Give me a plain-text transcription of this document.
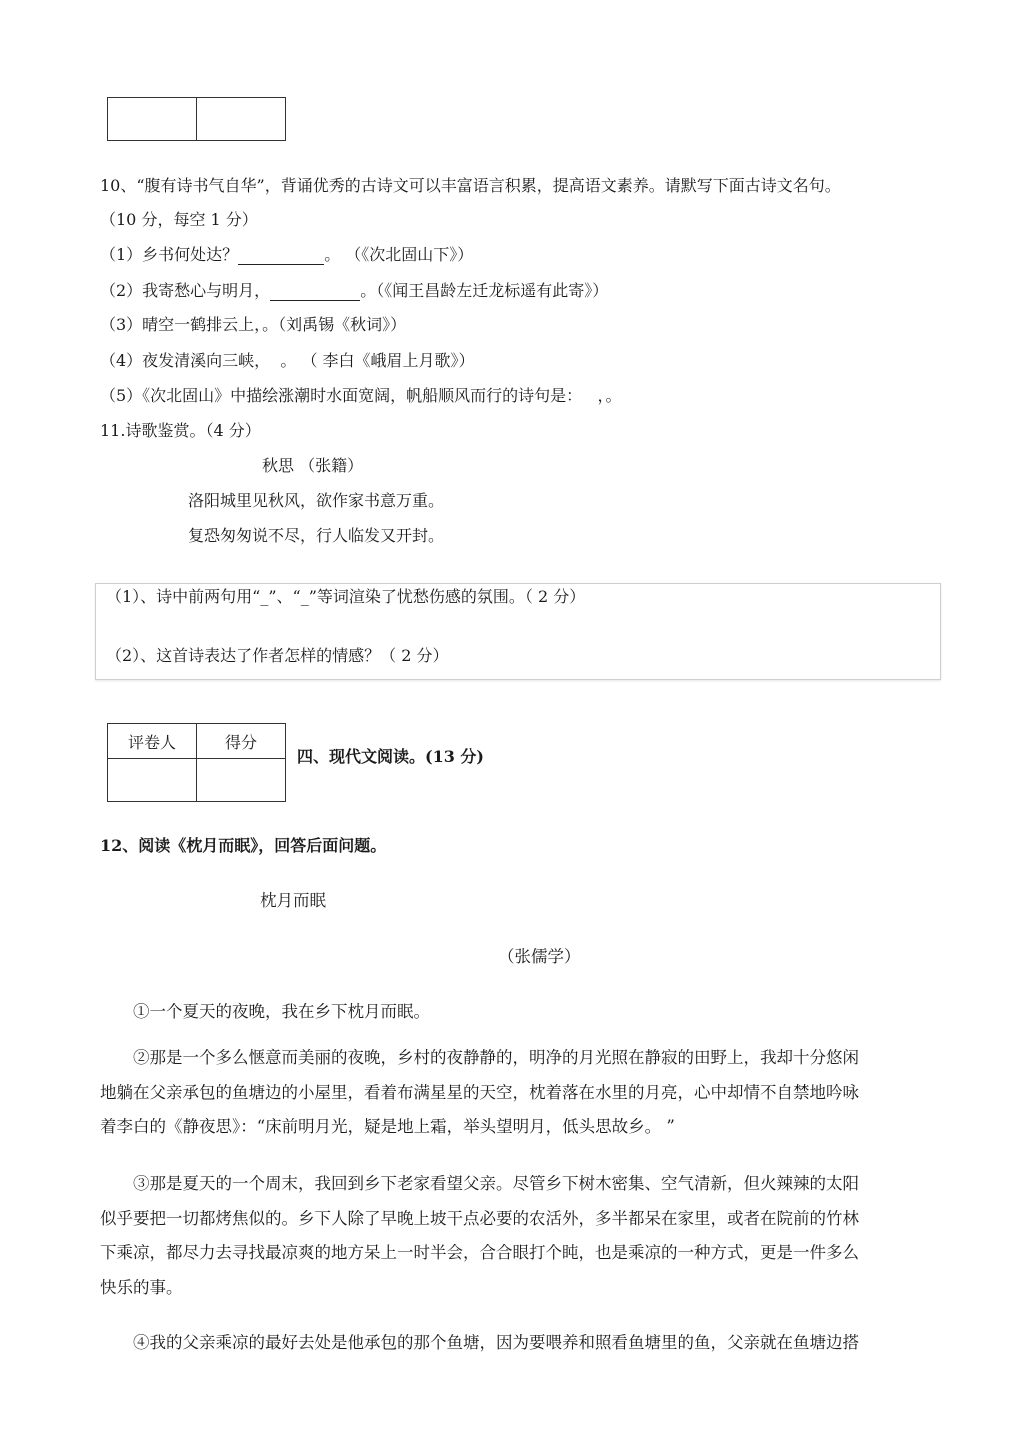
10、“腹有诗书气自华”，背诵优秀的古诗文可以丰富语言积累，提高语文素养。请默写下面古诗文名句。
（10 分，每空 1 分）
（1）乡书何处达？	。 （《次北固山下》）
（2）我寄愁心与明月，	。（《闻王昌龄左迁龙标遥有此寄》）
（3）晴空一鹤排云上，。（刘禹锡《秋词》）
（4）夜发清溪向三峡，  。 （ 李白《峨眉上月歌》）
（5）《次北固山》中描绘涨潮时水面宽阔，帆船顺风而行的诗句是：   ，。
11.诗歌鉴赏。（4 分）
秋思 （张籍）
洛阳城里见秋风，欲作家书意万重。
复恐匆匆说不尽，行人临发又开封。
（1）、诗中前两句用“_”、“_”等词渲染了忧愁伤感的氛围。（ 2 分）
（2）、这首诗表达了作者怎样的情感？（ 2 分）
评卷人	得分

四、现代文阅读。(13 分)
12、阅读《枕月而眠》，回答后面问题。
枕月而眠
（张儒学）
①一个夏天的夜晚，我在乡下枕月而眠。
②那是一个多么惬意而美丽的夜晚，乡村的夜静静的，明净的月光照在静寂的田野上，我却十分悠闲
地躺在父亲承包的鱼塘边的小屋里，看着布满星星的天空，枕着落在水里的月亮，心中却情不自禁地吟咏
着李白的《静夜思》：“床前明月光，疑是地上霜，举头望明月，低头思故乡。 ”
③那是夏天的一个周末，我回到乡下老家看望父亲。尽管乡下树木密集、空气清新，但火辣辣的太阳
似乎要把一切都烤焦似的。乡下人除了早晚上坡干点必要的农活外，多半都呆在家里，或者在院前的竹林
下乘凉，都尽力去寻找最凉爽的地方呆上一时半会，合合眼打个盹，也是乘凉的一种方式，更是一件多么
快乐的事。
④我的父亲乘凉的最好去处是他承包的那个鱼塘，因为要喂养和照看鱼塘里的鱼，父亲就在鱼塘边搭
